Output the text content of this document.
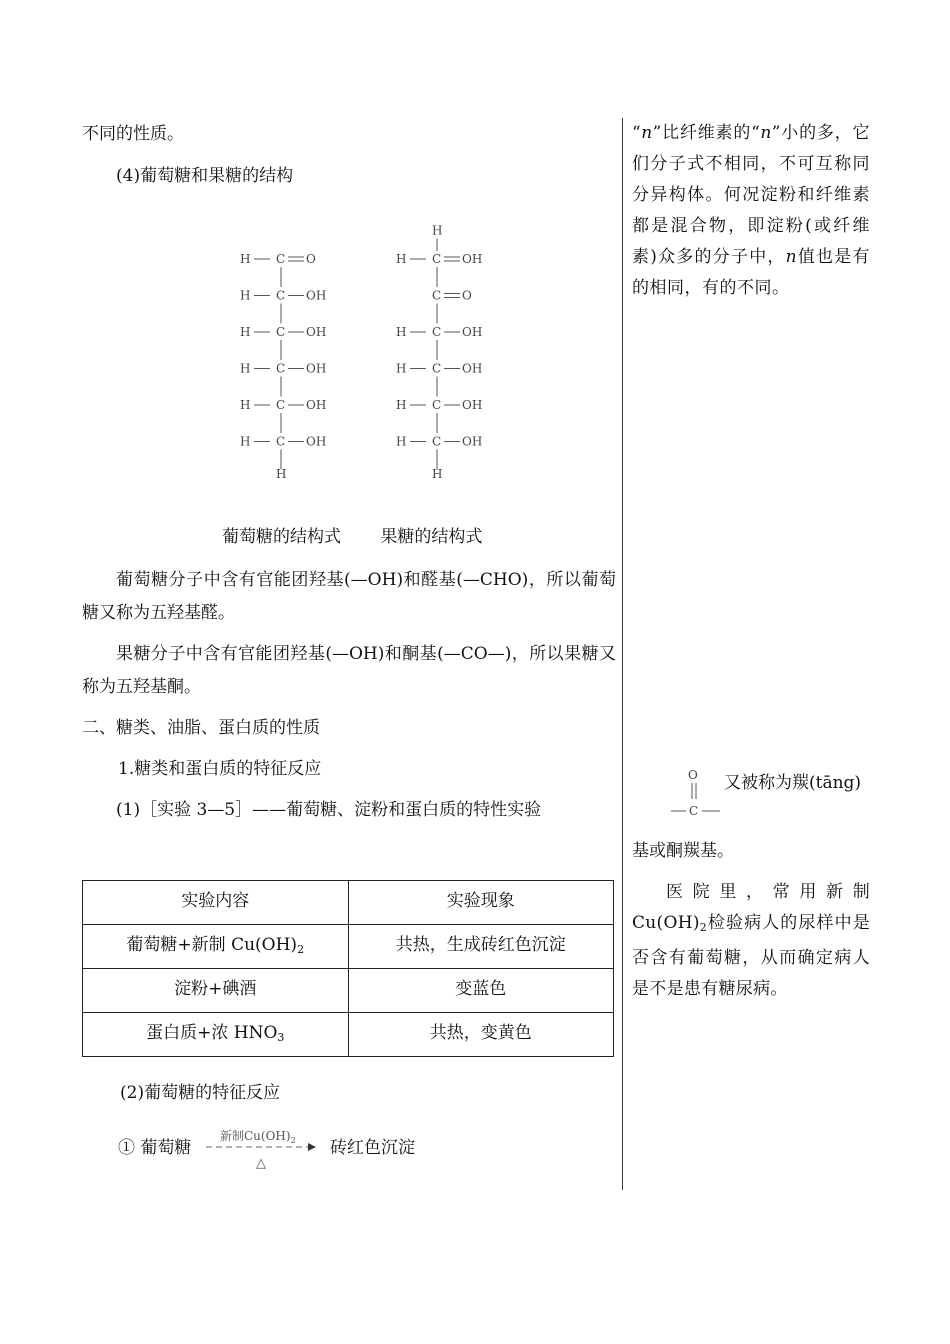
不同的性质。

(4)葡萄糖和果糖的结构

H C O
H C OH
H C OH
H C OH
H C OH
H C OH
H
H
H C OH
C O
H C OH
H C OH
H C OH
H C OH
H
葡萄糖的结构式 果糖的结构式

葡萄糖分子中含有官能团羟基(—OH)和醛基(—CHO)，所以葡萄糖又称为五羟基醛。

果糖分子中含有官能团羟基(—OH)和酮基(—CO—)，所以果糖又称为五羟基酮。

二、糖类、油脂、蛋白质的性质

1.糖类和蛋白质的特征反应

(1)［实验 3—5］——葡萄糖、淀粉和蛋白质的特性实验

实验内容	实验现象
葡萄糖+新制 $Cu(OH)_2$	共热，生成砖红色沉淀
淀粉+碘酒	变蓝色
蛋白质+浓 $HNO_3$	共热，变黄色

(2)葡萄糖的特征反应

① 葡萄糖
新制$Cu(OH)_2$
△
砖红色沉淀

“n”比纤维素的“n”小的多，它们分子式不相同，不可互称同分异构体。何况淀粉和纤维素都是混合物，即淀粉(或纤维素)众多的分子中，n值也是有的相同，有的不同。

O
C
又被称为羰(tāng)

基或酮羰基。

医院里，常用新制 $Cu(OH)_2$检验病人的尿样中是否含有葡萄糖，从而确定病人是不是患有糖尿病。
